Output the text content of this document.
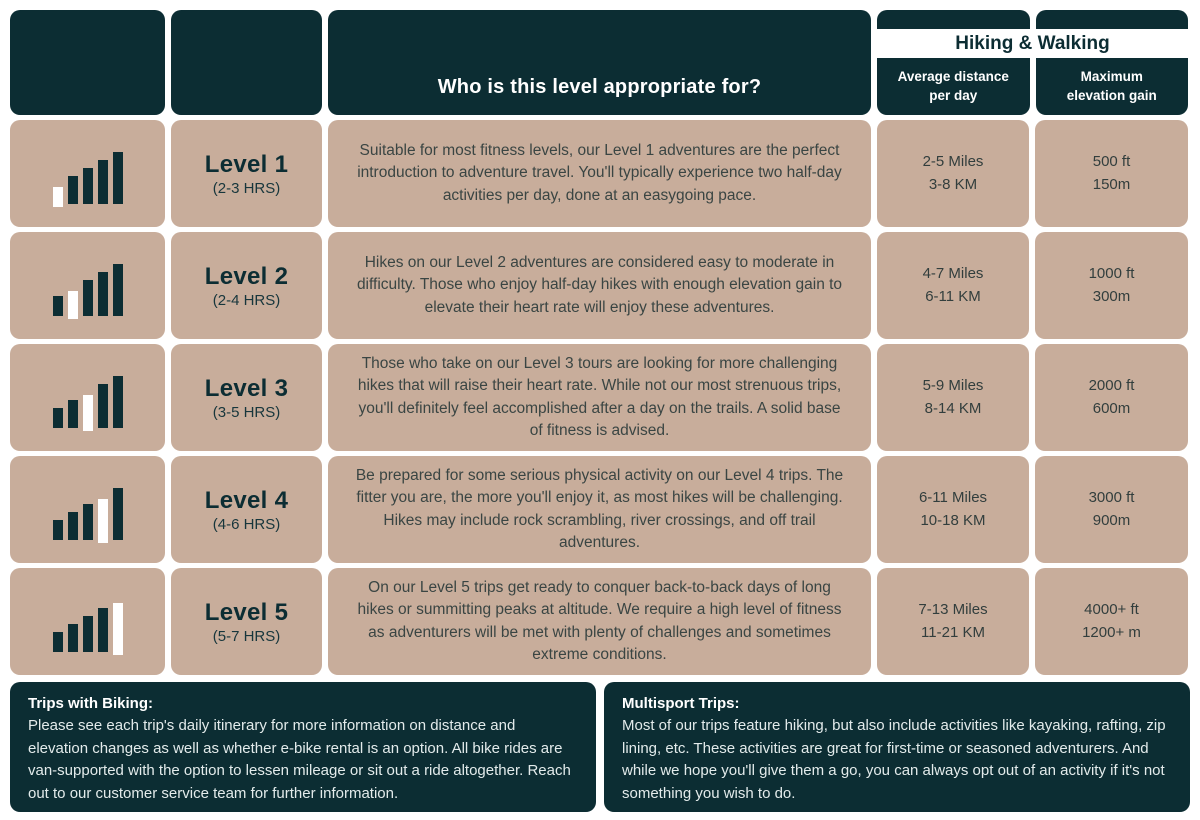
Who is this level appropriate for?
Hiking & Walking
Average distance
per day
Maximum
elevation gain
Level 1
(2-3 HRS)

Suitable for most fitness levels, our Level 1 adventures are the perfect introduction to adventure travel. You'll typically experience two half-day activities per day, done at an easygoing pace.

2-5 Miles
3-8 KM
500 ft
150m
Level 2
(2-4 HRS)

Hikes on our Level 2 adventures are considered easy to moderate in difficulty. Those who enjoy half-day hikes with enough elevation gain to elevate their heart rate will enjoy these adventures.

4-7 Miles
6-11 KM
1000 ft
300m
Level 3
(3-5 HRS)

Those who take on our Level 3 tours are looking for more challenging hikes that will raise their heart rate. While not our most strenuous trips, you'll definitely feel accomplished after a day on the trails. A solid base of fitness is advised.

5-9 Miles
8-14 KM
2000 ft
600m
Level 4
(4-6 HRS)

Be prepared for some serious physical activity on our Level 4 trips. The fitter you are, the more you'll enjoy it, as most hikes will be challenging. Hikes may include rock scrambling, river crossings, and off trail adventures.

6-11 Miles
10-18 KM
3000 ft
900m
Level 5
(5-7 HRS)

On our Level 5 trips get ready to conquer back-to-back days of long hikes or summitting peaks at altitude. We require a high level of fitness as adventurers will be met with plenty of challenges and sometimes extreme conditions.

7-13 Miles
11-21 KM
4000+ ft
1200+ m
Trips with Biking:
Please see each trip's daily itinerary for more information on distance and elevation changes as well as whether e-bike rental is an option. All bike rides are van-supported with the option to lessen mileage or sit out a ride altogether. Reach out to our customer service team for further information.
Multisport Trips:
Most of our trips feature hiking, but also include activities like kayaking, rafting, zip lining, etc. These activities are great for first-time or seasoned adventurers. And while we hope you'll give them a go, you can always opt out of an activity if it's not something you wish to do.
